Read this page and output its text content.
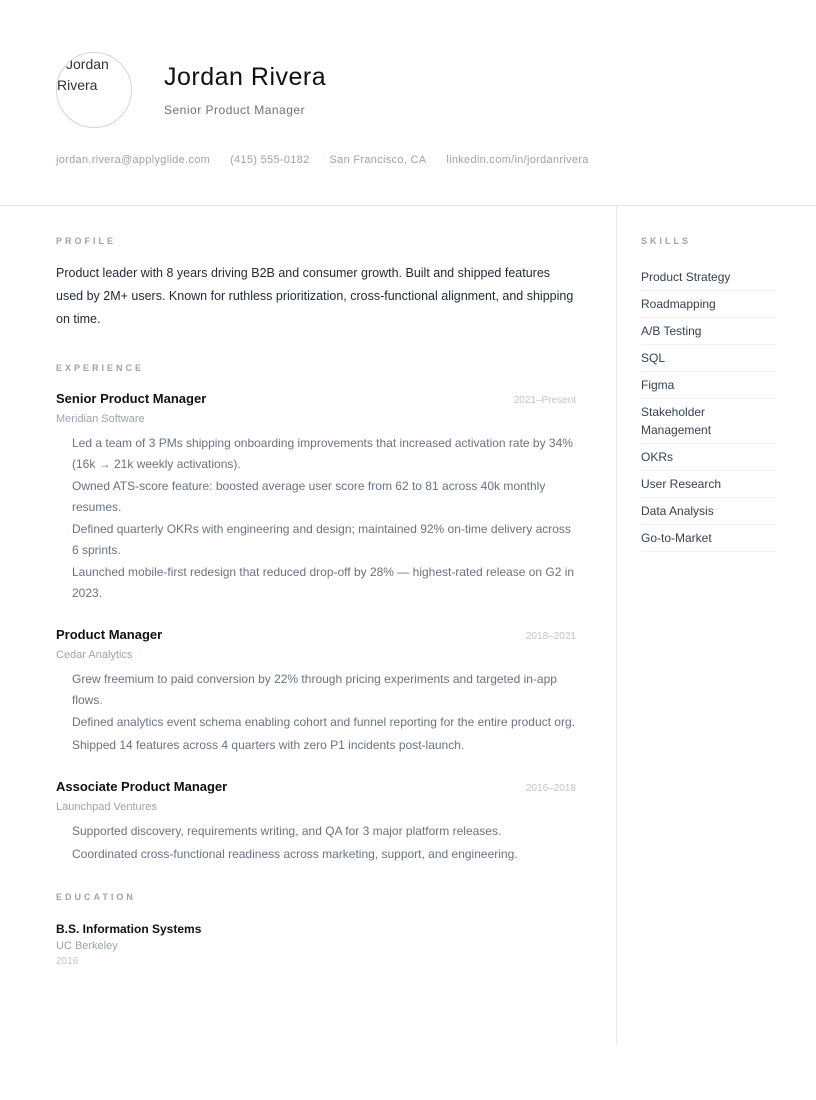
Jordan
Rivera	Jordan Rivera
Senior Product Manager
jordan.rivera@applyglide.com (415) 555-0182 San Francisco, CA linkedin.com/in/jordanrivera
PROFILE
Product leader with 8 years driving B2B and consumer growth. Built and shipped features used by 2M+ users. Known for ruthless prioritization, cross-functional alignment, and shipping on time.
EXPERIENCE
Senior Product Manager	2021–Present
Meridian Software
Led a team of 3 PMs shipping onboarding improvements that increased activation rate by 34% (16k → 21k weekly activations).
Owned ATS-score feature: boosted average user score from 62 to 81 across 40k monthly resumes.
Defined quarterly OKRs with engineering and design; maintained 92% on-time delivery across 6 sprints.
Launched mobile-first redesign that reduced drop-off by 28% — highest-rated release on G2 in 2023.
Product Manager	2018–2021
Cedar Analytics
Grew freemium to paid conversion by 22% through pricing experiments and targeted in-app flows.
Defined analytics event schema enabling cohort and funnel reporting for the entire product org.
Shipped 14 features across 4 quarters with zero P1 incidents post-launch.
Associate Product Manager	2016–2018
Launchpad Ventures
Supported discovery, requirements writing, and QA for 3 major platform releases.
Coordinated cross-functional readiness across marketing, support, and engineering.
EDUCATION
B.S. Information Systems
UC Berkeley
2016
SKILLS
Product Strategy
Roadmapping
A/B Testing
SQL
Figma
Stakeholder Management
OKRs
User Research
Data Analysis
Go-to-Market
